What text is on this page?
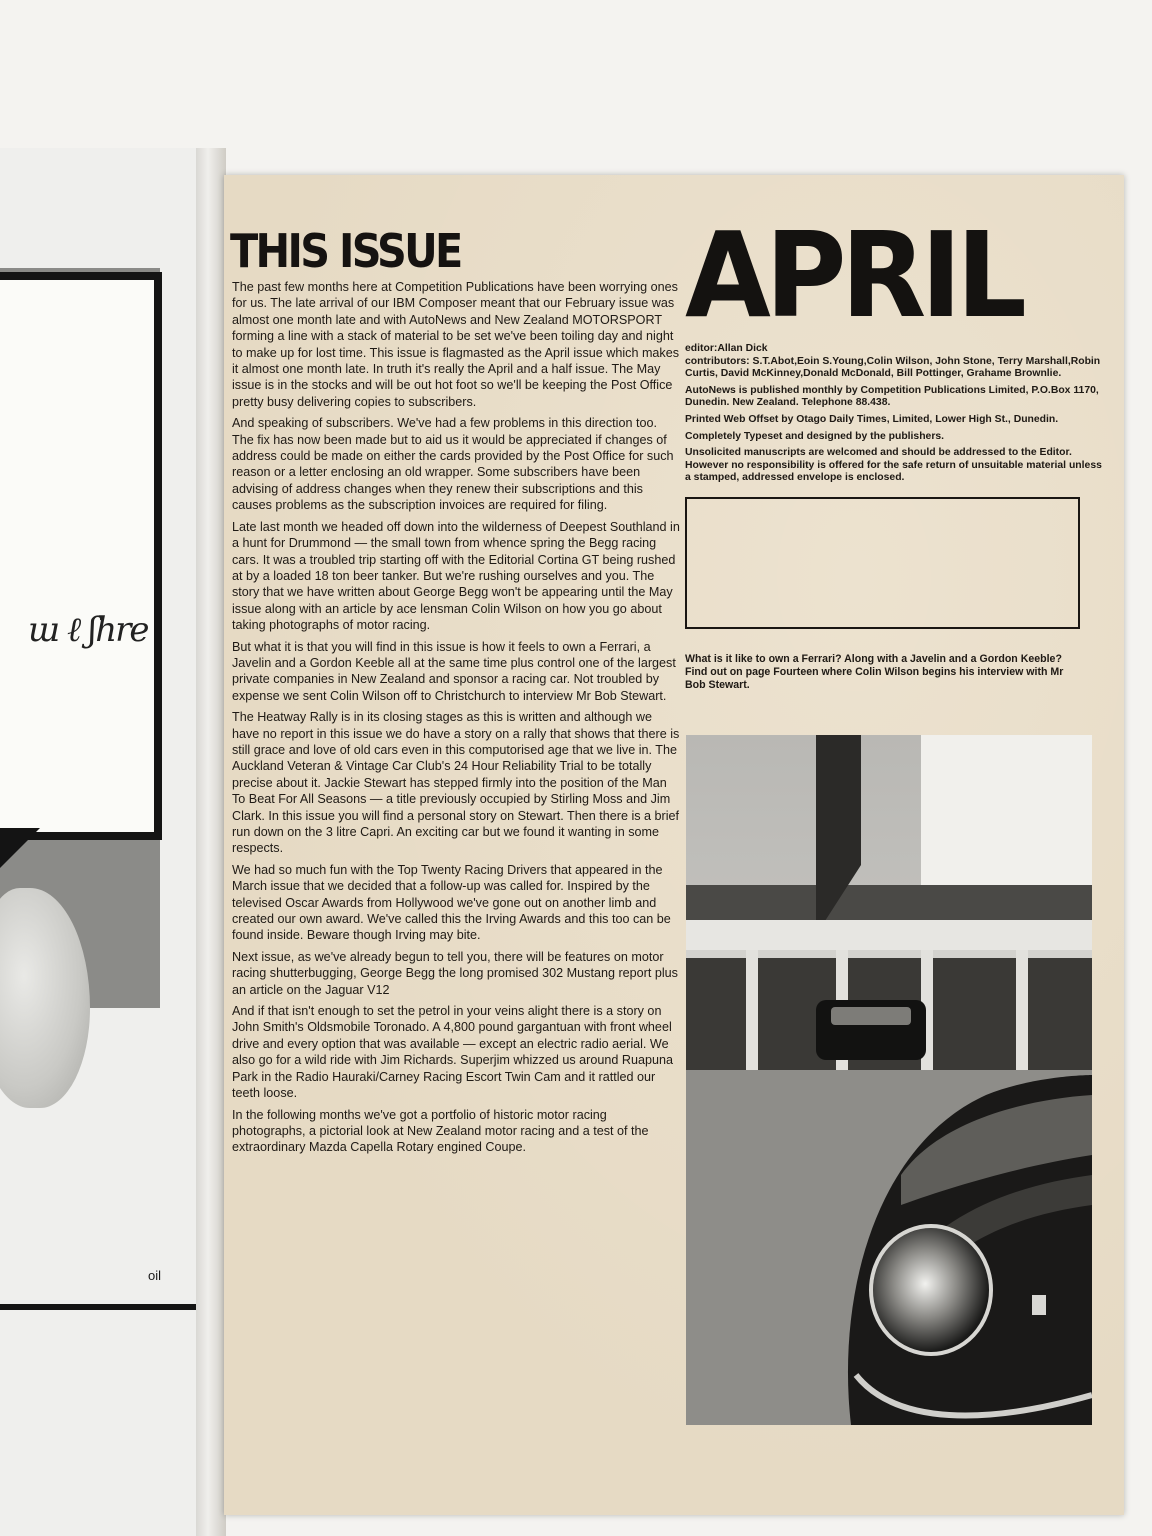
ɯ ℓ ʃhre
oil
THIS ISSUE

The past few months here at Competition Publications have been worrying ones for us. The late arrival of our IBM Composer meant that our February issue was almost one month late and with AutoNews and New Zealand MOTORSPORT forming a line with a stack of material to be set we've been toiling day and night to make up for lost time. This issue is flagmasted as the April issue which makes it almost one month late. In truth it's really the April and a half issue. The May issue is in the stocks and will be out hot foot so we'll be keeping the Post Office pretty busy delivering copies to subscribers.

And speaking of subscribers. We've had a few problems in this direction too. The fix has now been made but to aid us it would be appreciated if changes of address could be made on either the cards provided by the Post Office for such reason or a letter enclosing an old wrapper. Some subscribers have been advising of address changes when they renew their subscriptions and this causes problems as the subscription invoices are required for filing.

Late last month we headed off down into the wilderness of Deepest Southland in a hunt for Drummond — the small town from whence spring the Begg racing cars. It was a troubled trip starting off with the Editorial Cortina GT being rushed at by a loaded 18 ton beer tanker. But we're rushing ourselves and you. The story that we have written about George Begg won't be appearing until the May issue along with an article by ace lensman Colin Wilson on how you go about taking photographs of motor racing.

But what it is that you will find in this issue is how it feels to own a Ferrari, a Javelin and a Gordon Keeble all at the same time plus control one of the largest private companies in New Zealand and sponsor a racing car. Not troubled by expense we sent Colin Wilson off to Christchurch to interview Mr Bob Stewart.

The Heatway Rally is in its closing stages as this is written and although we have no report in this issue we do have a story on a rally that shows that there is still grace and love of old cars even in this computorised age that we live in. The Auckland Veteran & Vintage Car Club's 24 Hour Reliability Trial to be totally precise about it. Jackie Stewart has stepped firmly into the position of the Man To Beat For All Seasons — a title previously occupied by Stirling Moss and Jim Clark. In this issue you will find a personal story on Stewart. Then there is a brief run down on the 3 litre Capri. An exciting car but we found it wanting in some respects.

We had so much fun with the Top Twenty Racing Drivers that appeared in the March issue that we decided that a follow-up was called for. Inspired by the televised Oscar Awards from Hollywood we've gone out on another limb and created our own award. We've called this the Irving Awards and this too can be found inside. Beware though Irving may bite.

Next issue, as we've already begun to tell you, there will be features on motor racing shutterbugging, George Begg the long promised 302 Mustang report plus an article on the Jaguar V12

And if that isn't enough to set the petrol in your veins alight there is a story on John Smith's Oldsmobile Toronado. A 4,800 pound gargantuan with front wheel drive and every option that was available — except an electric radio aerial. We also go for a wild ride with Jim Richards. Superjim whizzed us around Ruapuna Park in the Radio Hauraki/Carney Racing Escort Twin Cam and it rattled our teeth loose.

In the following months we've got a portfolio of historic motor racing photographs, a pictorial look at New Zealand motor racing and a test of the extraordinary Mazda Capella Rotary engined Coupe.

APRIL

editor:Allan Dick
contributors: S.T.Abot,Eoin S.Young,Colin Wilson, John Stone, Terry Marshall,Robin Curtis, David McKinney,Donald McDonald, Bill Pottinger, Grahame Brownlie.

AutoNews is published monthly by Competition Publications Limited, P.O.Box 1170, Dunedin. New Zealand. Telephone 88.438.

Printed Web Offset by Otago Daily Times, Limited, Lower High St., Dunedin.

Completely Typeset and designed by the publishers.

Unsolicited manuscripts are welcomed and should be addressed to the Editor. However no responsibility is offered for the safe return of unsuitable material unless a stamped, addressed envelope is enclosed.

What is it like to own a Ferrari? Along with a Javelin and a Gordon Keeble? Find out on page Fourteen where Colin Wilson begins his interview with Mr Bob Stewart.
